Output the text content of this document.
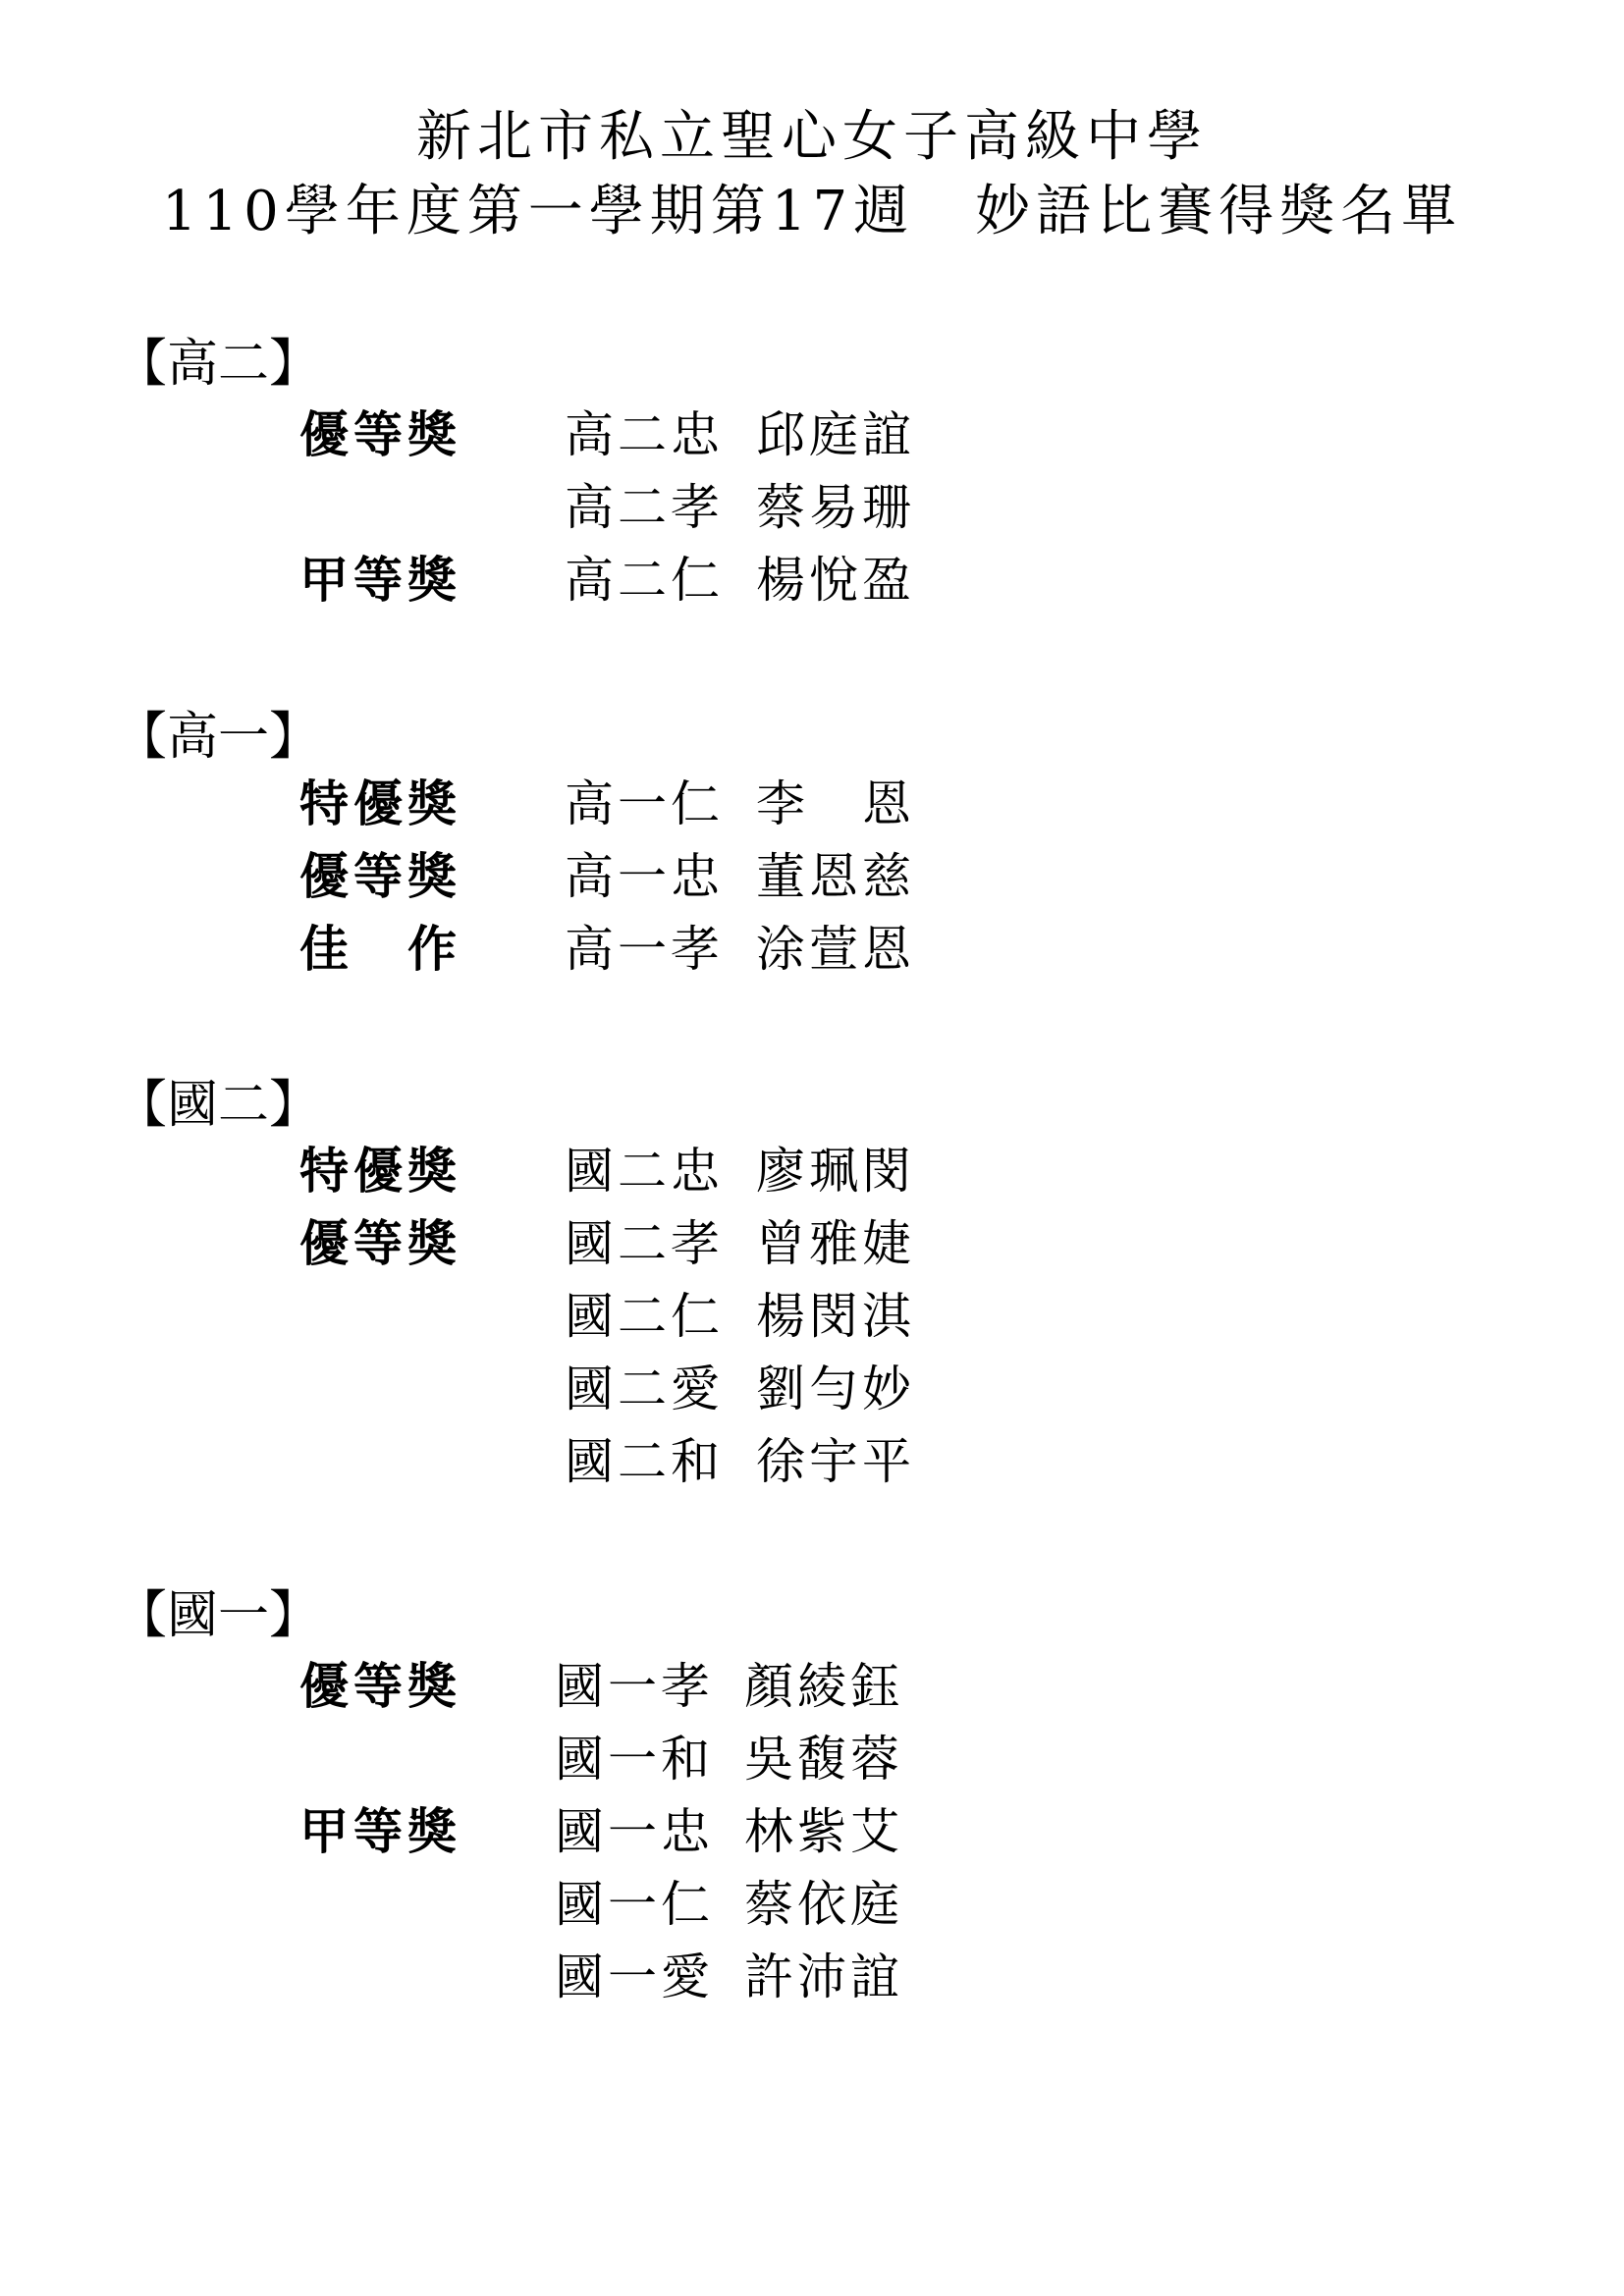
新北市私立聖心女子高級中學
110學年度第一學期第17週　妙語比賽得獎名單
【高二】
優 等 獎 高二忠 邱庭誼
高二孝 蔡易珊
甲 等 獎 高二仁 楊悅盈
【高一】
特 優 獎 高一仁 李　恩
優 等 獎 高一忠 董恩慈
佳 作 高一孝 涂萱恩
【國二】
特 優 獎 國二忠 廖珮閔
優 等 獎 國二孝 曾雅婕
國二仁 楊閔淇
國二愛 劉勻妙
國二和 徐宇平
【國一】
優 等 獎 國一孝 顏綾鈺
國一和 吳馥蓉
甲 等 獎 國一忠 林紫艾
國一仁 蔡依庭
國一愛 許沛誼
